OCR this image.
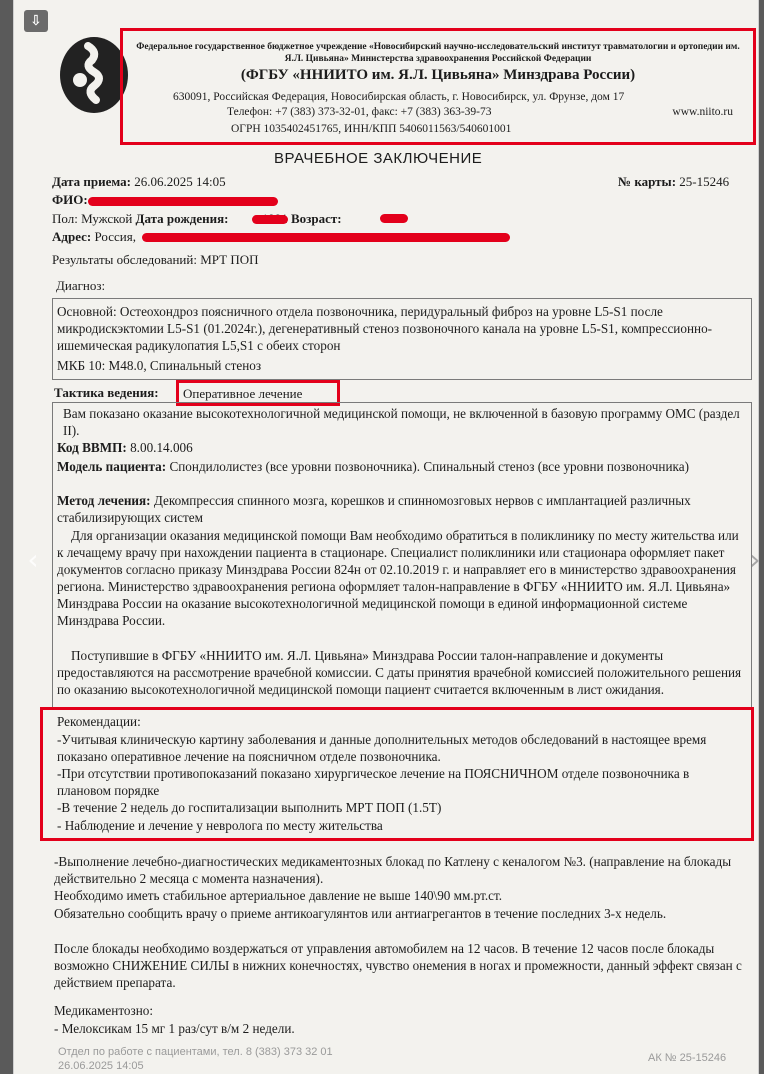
⇩
‹	›
Федеральное государственное бюджетное учреждение «Новосибирский научно-исследовательский институт травматологии и ортопедии им. Я.Л. Цивьяна» Министерства здравоохранения Российской Федерации
(ФГБУ «ННИИТО им. Я.Л. Цивьяна» Минздрава России)
630091, Российская Федерация, Новосибирская область, г. Новосибирск, ул. Фрунзе, дом 17
Телефон: +7 (383) 373-32-01, факс: +7 (383) 363-39-73	www.niito.ru
ОГРН 1035402451765, ИНН/КПП 5406011563/540601001
ВРАЧЕБНОЕ ЗАКЛЮЧЕНИЕ
Дата приема: 26.06.2025 14:05	№ карты: 25-15246
ФИО:
Пол: Мужской Дата рождения:	Возраст:
Адрес: Россия,
Результаты обследований: МРТ ПОП
Диагноз:
Основной: Остеохондроз поясничного отдела позвоночника, перидуральный фиброз на уровне L5-S1 после микродискэктомии L5-S1 (01.2024г.), дегенеративный стеноз позвоночного канала на уровне L5-S1, компрессионно-ишемическая радикулопатия L5,S1 с обеих сторон
МКБ 10: M48.0, Спинальный стеноз
Тактика ведения: Оперативное лечение
Вам показано оказание высокотехнологичной медицинской помощи, не включенной в базовую программу ОМС (раздел II).
Код ВВМП: 8.00.14.006
Модель пациента: Спондилолистез (все уровни позвоночника). Спинальный стеноз (все уровни позвоночника)
Метод лечения: Декомпрессия спинного мозга, корешков и спинномозговых нервов с имплантацией различных стабилизирующих систем
Для организации оказания медицинской помощи Вам необходимо обратиться в поликлинику по месту жительства или к лечащему врачу при нахождении пациента в стационаре. Специалист поликлиники или стационара оформляет пакет документов согласно приказу Минздрава России 824н от 02.10.2019 г. и направляет его в министерство здравоохранения региона. Министерство здравоохранения региона оформляет талон-направление в ФГБУ «ННИИТО им. Я.Л. Цивьяна» Минздрава России на оказание высокотехнологичной медицинской помощи в единой информационной системе Минздрава России.
Поступившие в ФГБУ «ННИИТО им. Я.Л. Цивьяна» Минздрава России талон-направление и документы предоставляются на рассмотрение врачебной комиссии. С даты принятия врачебной комиссией положительного решения по оказанию высокотехнологичной медицинской помощи пациент считается включенным в лист ожидания.
Рекомендации:
-Учитывая клиническую картину заболевания и данные дополнительных методов обследований в настоящее время показано оперативное лечение на поясничном отделе позвоночника.
-При отсутствии противопоказаний показано хирургическое лечение на ПОЯСНИЧНОМ отделе позвоночника в плановом порядке
-В течение 2 недель до госпитализации выполнить МРТ ПОП (1.5Т)
- Наблюдение и лечение у невролога по месту жительства
-Выполнение лечебно-диагностических медикаментозных блокад по Катлену с кеналогом №3. (направление на блокады действительно 2 месяца с момента назначения).
Необходимо иметь стабильное артериальное давление не выше 140\90 мм.рт.ст.
Обязательно сообщить врачу о приеме антикоагулянтов или антиагрегантов в течение последних 3-х недель.
После блокады необходимо воздержаться от управления автомобилем на 12 часов. В течение 12 часов после блокады возможно СНИЖЕНИЕ СИЛЫ в нижних конечностях, чувство онемения в ногах и промежности, данный эффект связан с действием препарата.
Медикаментозно:
- Мелоксикам 15 мг 1 раз/сут в/м 2 недели.
Отдел по работе с пациентами, тел. 8 (383) 373 32 01
26.06.2025 14:05
АК № 25-15246
